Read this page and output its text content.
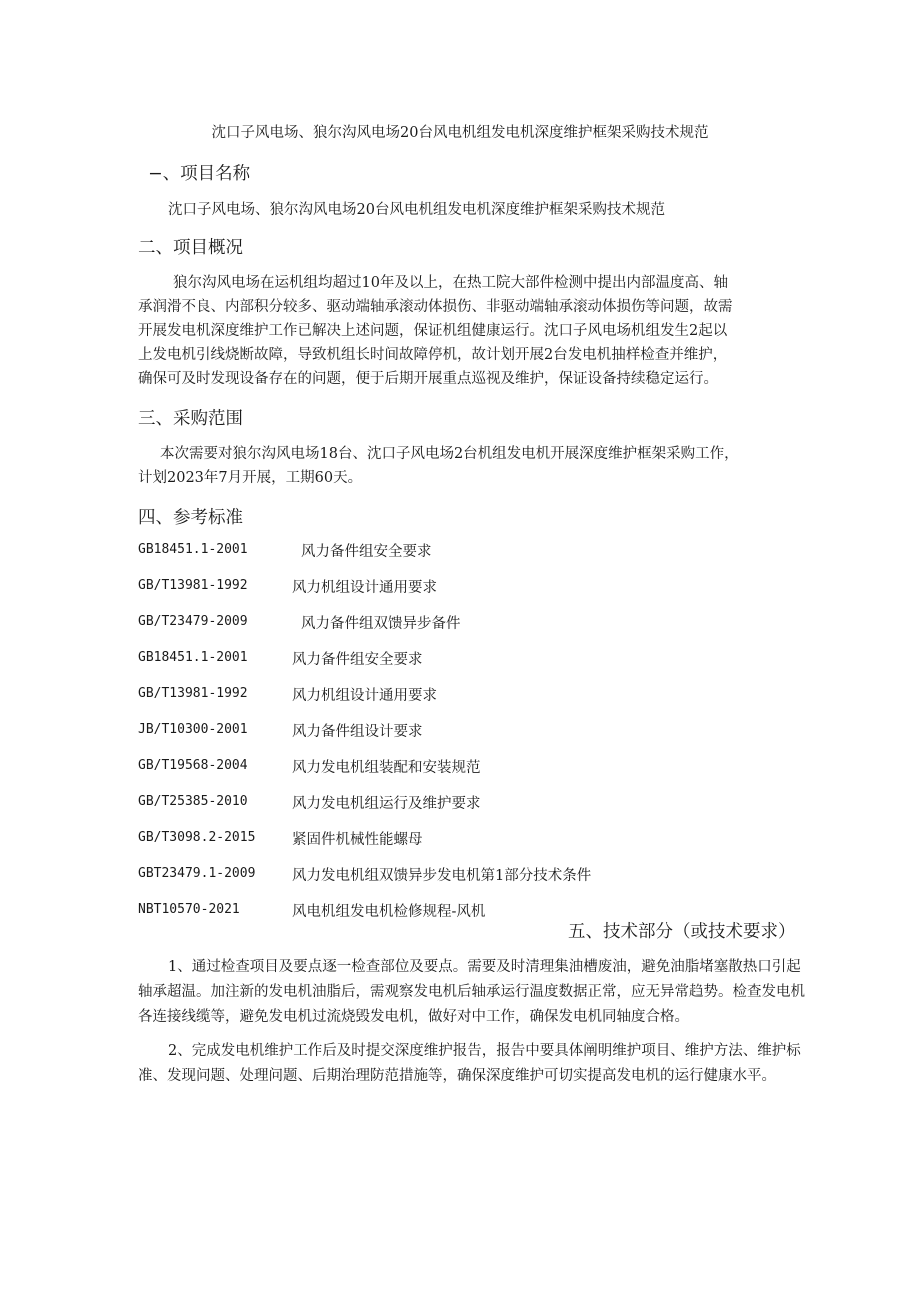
沈口子风电场、狼尔沟风电场20台风电机组发电机深度维护框架采购技术规范
−、项目名称
沈口子风电场、狼尔沟风电场20台风电机组发电机深度维护框架采购技术规范
二、项目概况
狼尔沟风电场在运机组均超过10年及以上，在热工院大部件检测中提出内部温度高、轴
承润滑不良、内部积分较多、驱动端轴承滚动体损伤、非驱动端轴承滚动体损伤等问题，故需
开展发电机深度维护工作已解决上述问题，保证机组健康运行。沈口子风电场机组发生2起以
上发电机引线烧断故障，导致机组长时间故障停机，故计划开展2台发电机抽样检查并维护，
确保可及时发现设备存在的问题，便于后期开展重点巡视及维护，保证设备持续稳定运行。
三、采购范围
本次需要对狼尔沟风电场18台、沈口子风电场2台机组发电机开展深度维护框架采购工作，
计划2023年7月开展，工期60天。
四、参考标准
GB18451.1-2001	风力备件组安全要求
GB/T13981-1992	风力机组设计通用要求
GB/T23479-2009	风力备件组双馈异步备件
GB18451.1-2001	风力备件组安全要求
GB/T13981-1992	风力机组设计通用要求
JB/T10300-2001	风力备件组设计要求
GB/T19568-2004	风力发电机组装配和安装规范
GB/T25385-2010	风力发电机组运行及维护要求
GB/T3098.2-2015	紧固件机械性能螺母
GBT23479.1-2009	风力发电机组双馈异步发电机第1部分技术条件
NBT10570-2021	风电机组发电机检修规程-风机
五、技术部分（或技术要求）
1、通过检查项目及要点逐一检查部位及要点。需要及时清理集油槽废油，避免油脂堵塞散热口引起
轴承超温。加注新的发电机油脂后，需观察发电机后轴承运行温度数据正常，应无异常趋势。检查发电机
各连接线缆等，避免发电机过流烧毁发电机，做好对中工作，确保发电机同轴度合格。
2、完成发电机维护工作后及时提交深度维护报告，报告中要具体阐明维护项目、维护方法、维护标
准、发现问题、处理问题、后期治理防范措施等，确保深度维护可切实提高发电机的运行健康水平。
